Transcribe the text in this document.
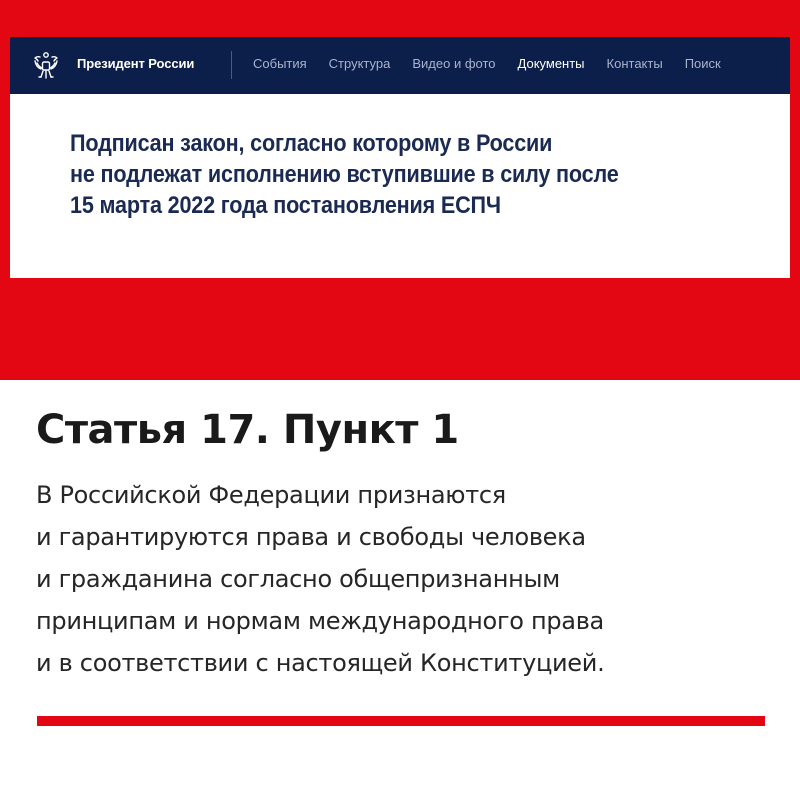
Президент России	События Структура Видео и фото Документы Контакты Поиск
Подписан закон, согласно которому в России
не подлежат исполнению вступившие в силу после
15 марта 2022 года постановления ЕСПЧ
Статья 17. Пункт 1

В Российской Федерации признаются
и гарантируются права и свободы человека
и гражданина согласно общепризнанным
принципам и нормам международного права
и в соответствии с настоящей Конституцией.
